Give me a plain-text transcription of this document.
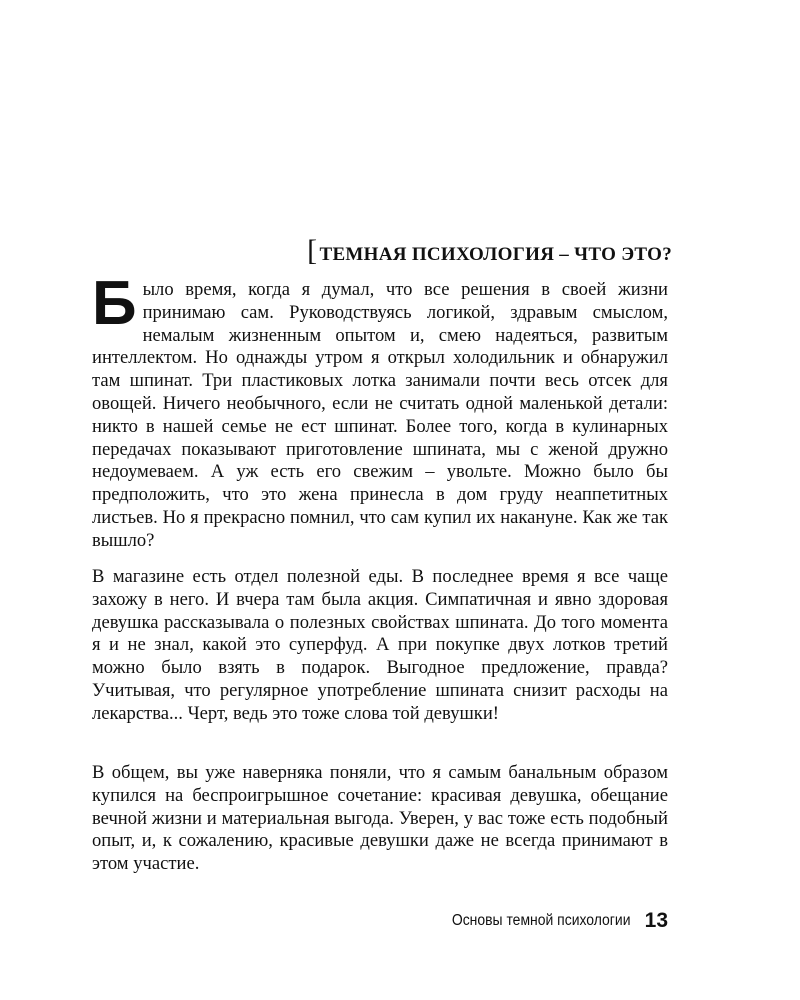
[ ТЕМНАЯ ПСИХОЛОГИЯ – ЧТО ЭТО?

Было время, когда я думал, что все решения в своей жизни принимаю сам. Руководствуясь логикой, здравым смыслом, немалым жизненным опытом и, смею надеяться, развитым интеллектом. Но однажды утром я открыл холодильник и обнаружил там шпинат. Три пластиковых лотка занимали почти весь отсек для овощей. Ничего необычного, если не считать одной маленькой детали: никто в нашей семье не ест шпинат. Более того, когда в кулинарных передачах показывают приготовление шпината, мы с женой дружно недоумеваем. А уж есть его свежим – увольте. Можно было бы предположить, что это жена принесла в дом груду неаппетитных листьев. Но я прекрасно помнил, что сам купил их накануне. Как же так вышло?

В магазине есть отдел полезной еды. В последнее время я все чаще захожу в него. И вчера там была акция. Симпатичная и явно здоровая девушка рассказывала о полезных свойствах шпината. До того момента я и не знал, какой это суперфуд. А при покупке двух лотков третий можно было взять в подарок. Выгодное предложение, правда? Учитывая, что регулярное употребление шпината снизит расходы на лекарства... Черт, ведь это тоже слова той девушки!

В общем, вы уже наверняка поняли, что я самым банальным образом купился на беспроигрышное сочетание: красивая девушка, обещание вечной жизни и материальная выгода. Уверен, у вас тоже есть подобный опыт, и, к сожалению, красивые девушки даже не всегда принимают в этом участие.

Основы темной психологии 13
